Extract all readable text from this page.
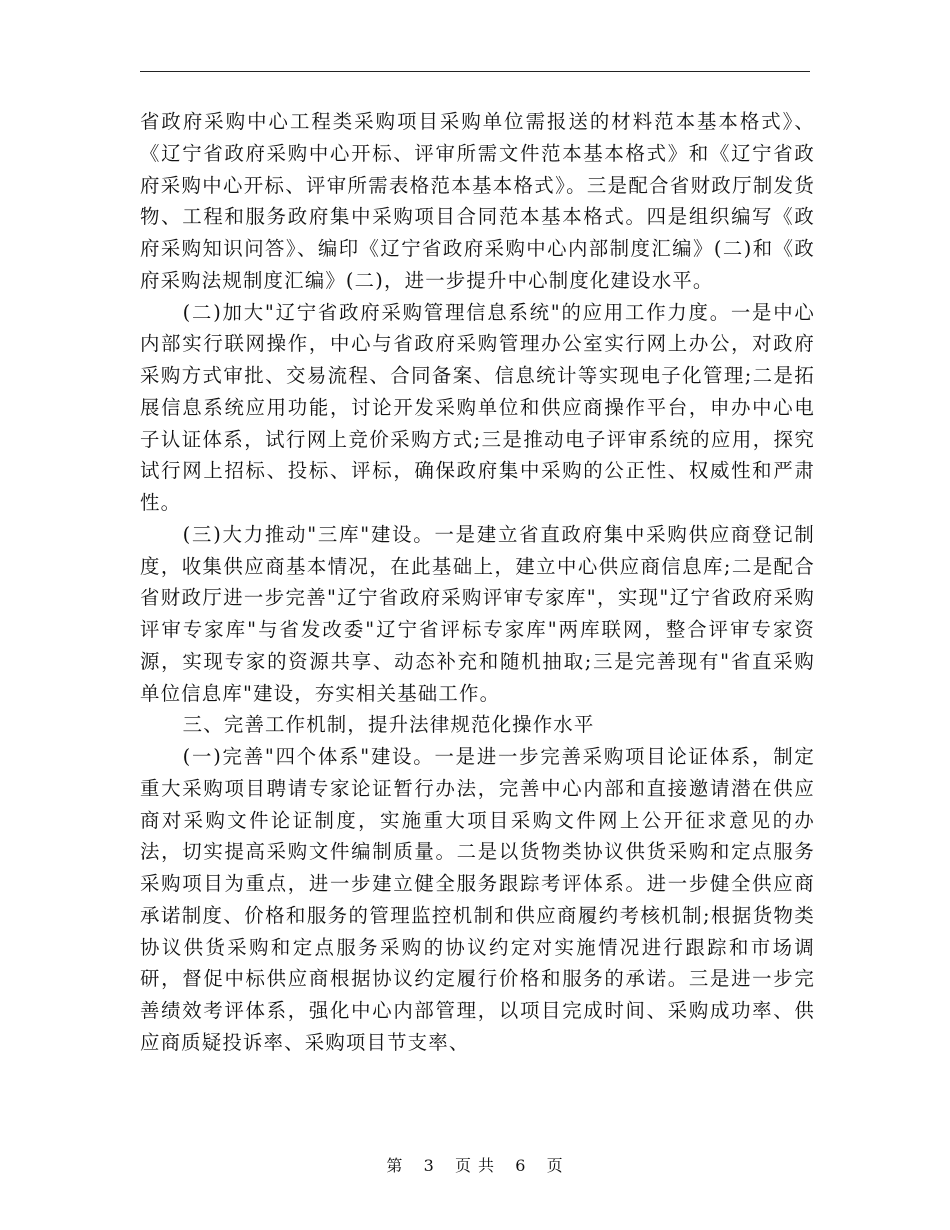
省政府采购中心工程类采购项目采购单位需报送的材料范本基本格式》、《辽宁省政府采购中心开标、评审所需文件范本基本格式》和《辽宁省政府采购中心开标、评审所需表格范本基本格式》。三是配合省财政厅制发货物、工程和服务政府集中采购项目合同范本基本格式。四是组织编写《政府采购知识问答》、编印《辽宁省政府采购中心内部制度汇编》(二)和《政府采购法规制度汇编》(二)，进一步提升中心制度化建设水平。

(二)加大"辽宁省政府采购管理信息系统"的应用工作力度。一是中心内部实行联网操作，中心与省政府采购管理办公室实行网上办公，对政府采购方式审批、交易流程、合同备案、信息统计等实现电子化管理;二是拓展信息系统应用功能，讨论开发采购单位和供应商操作平台，申办中心电子认证体系，试行网上竞价采购方式;三是推动电子评审系统的应用，探究试行网上招标、投标、评标，确保政府集中采购的公正性、权威性和严肃性。

(三)大力推动"三库"建设。一是建立省直政府集中采购供应商登记制度，收集供应商基本情况，在此基础上，建立中心供应商信息库;二是配合省财政厅进一步完善"辽宁省政府采购评审专家库"，实现"辽宁省政府采购评审专家库"与省发改委"辽宁省评标专家库"两库联网，整合评审专家资源，实现专家的资源共享、动态补充和随机抽取;三是完善现有"省直采购单位信息库"建设，夯实相关基础工作。

三、完善工作机制，提升法律规范化操作水平

(一)完善"四个体系"建设。一是进一步完善采购项目论证体系，制定重大采购项目聘请专家论证暂行办法，完善中心内部和直接邀请潜在供应商对采购文件论证制度，实施重大项目采购文件网上公开征求意见的办法，切实提高采购文件编制质量。二是以货物类协议供货采购和定点服务采购项目为重点，进一步建立健全服务跟踪考评体系。进一步健全供应商承诺制度、价格和服务的管理监控机制和供应商履约考核机制;根据货物类协议供货采购和定点服务采购的协议约定对实施情况进行跟踪和市场调研，督促中标供应商根据协议约定履行价格和服务的承诺。三是进一步完善绩效考评体系，强化中心内部管理，以项目完成时间、采购成功率、供应商质疑投诉率、采购项目节支率、

第 3 页 共 6 页
